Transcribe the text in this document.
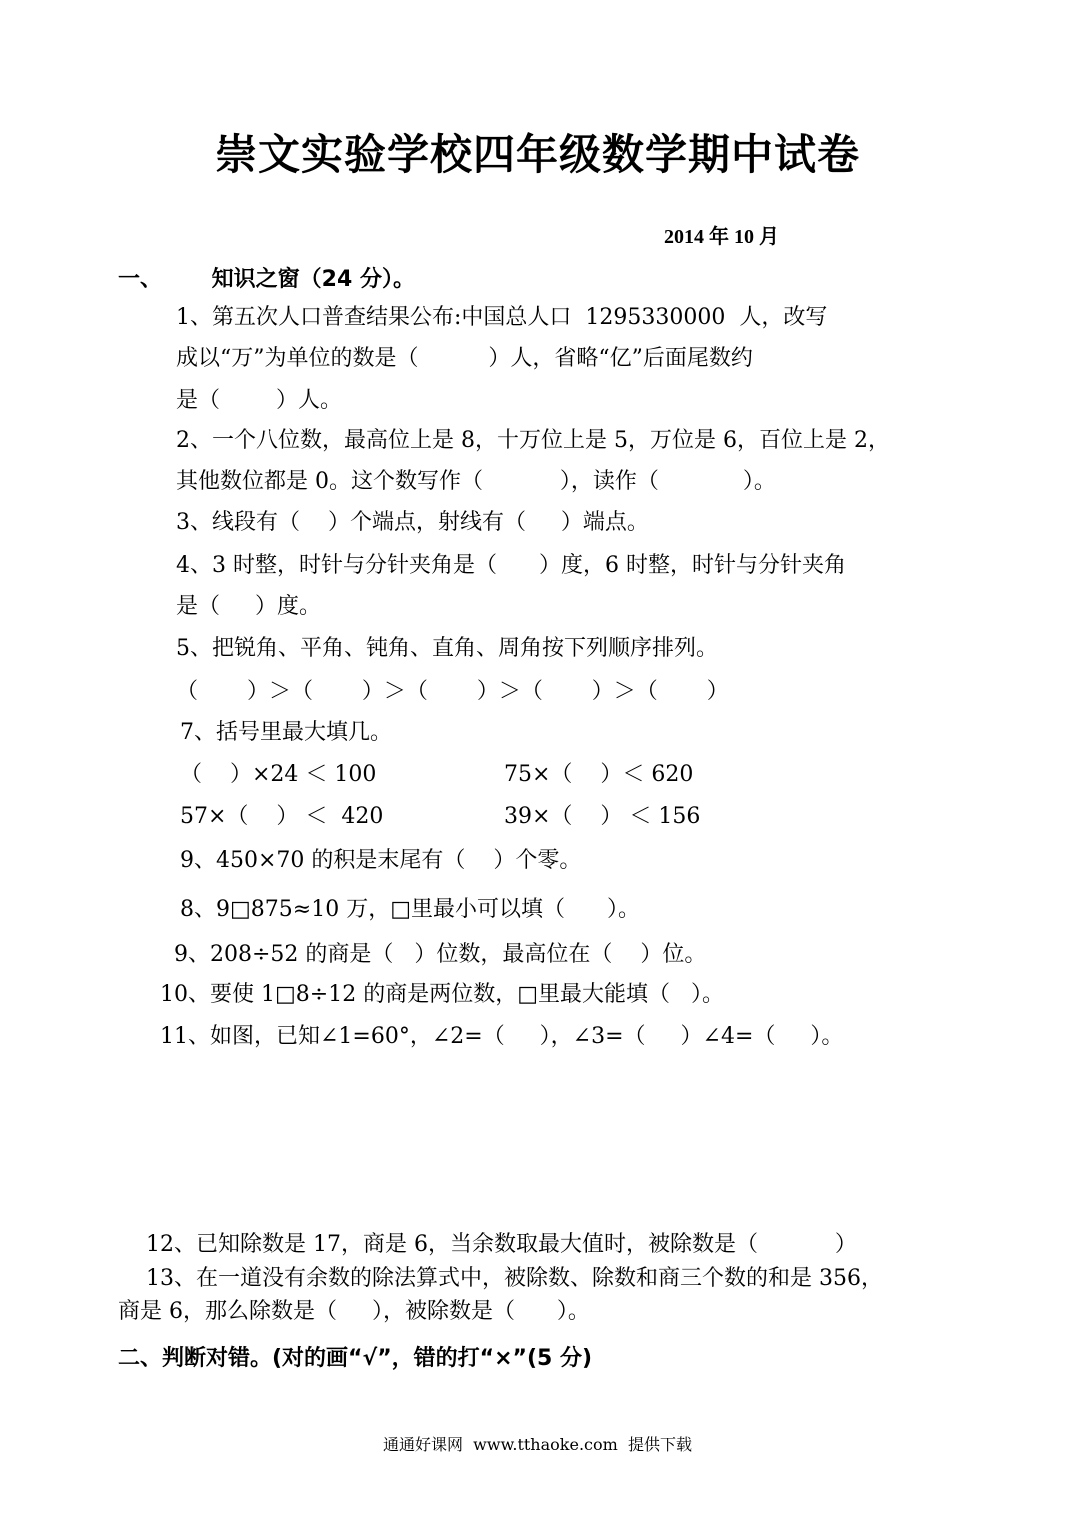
崇文实验学校四年级数学期中试卷
2014 年 10 月
一、 知识之窗（24 分）。
1、第五次人口普查结果公布:中国总人口  1295330000  人，改写
成以“万”为单位的数是（          ）人，省略“亿”后面尾数约
是（        ）人。
2、一个八位数，最高位上是 8，十万位上是 5，万位是 6，百位上是 2，
其他数位都是 0。这个数写作（           ），读作（            ）。
3、线段有（    ）个端点，射线有（     ）端点。
4、3 时整，时针与分针夹角是（      ）度，6 时整，时针与分针夹角
是（     ）度。
5、把锐角、平角、钝角、直角、周角按下列顺序排列。
（       ）＞（       ）＞（       ）＞（       ）＞（       ）
7、括号里最大填几。
（    ）×24 ＜ 100	75×（    ）＜ 620
57×（    ） ＜  420	39×（    ） ＜ 156
9、450×70 的积是末尾有（    ）个零。
8、9□875≈10 万，□里最小可以填（      ）。
9、208÷52 的商是（   ）位数，最高位在（    ）位。
10、要使 1□8÷12 的商是两位数，□里最大能填（   ）。
11、如图，已知∠1=60°，∠2=（     ），∠3=（     ）∠4=（     ）。
12、已知除数是 17，商是 6，当余数取最大值时，被除数是（           ）
13、在一道没有余数的除法算式中，被除数、除数和商三个数的和是 356，
商是 6，那么除数是（     ），被除数是（      ）。
二、判断对错。(对的画“√”，错的打“×”(5 分)
通通好课网  www.tthaoke.com  提供下载
